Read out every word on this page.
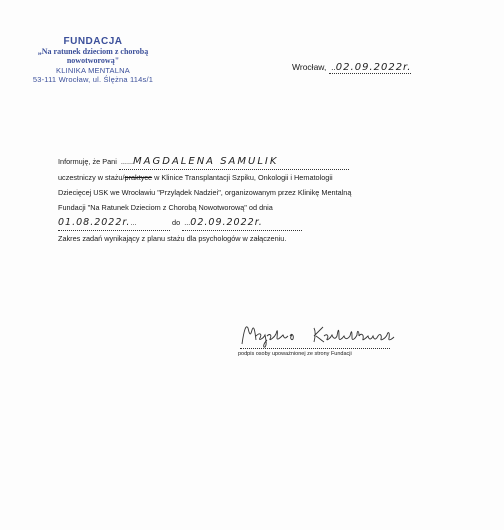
FUNDACJA
„Na ratunek dzieciom z chorobą
nowotworową"
KLINIKA MENTALNA
53-111 Wrocław, ul. Ślężna 114s/1
Wrocław,  ..02.09.2022r.
Informuję, że Pani  ......MAGDALENA SAMULIK
uczestniczy w stażu/praktyce w Klinice Transplantacji Szpiku, Onkologii i Hematologii
Dziecięcej USK we Wrocławiu "Przylądek Nadziei", organizowanym przez Klinikę Mentalną
Fundacji "Na Ratunek Dzieciom z Chorobą Nowotworową" od dnia
01.08.2022r....	do  ...02.09.2022r.
Zakres zadań wynikający z planu stażu dla psychologów w załączeniu.
podpis osoby upoważnionej ze strony Fundacji
